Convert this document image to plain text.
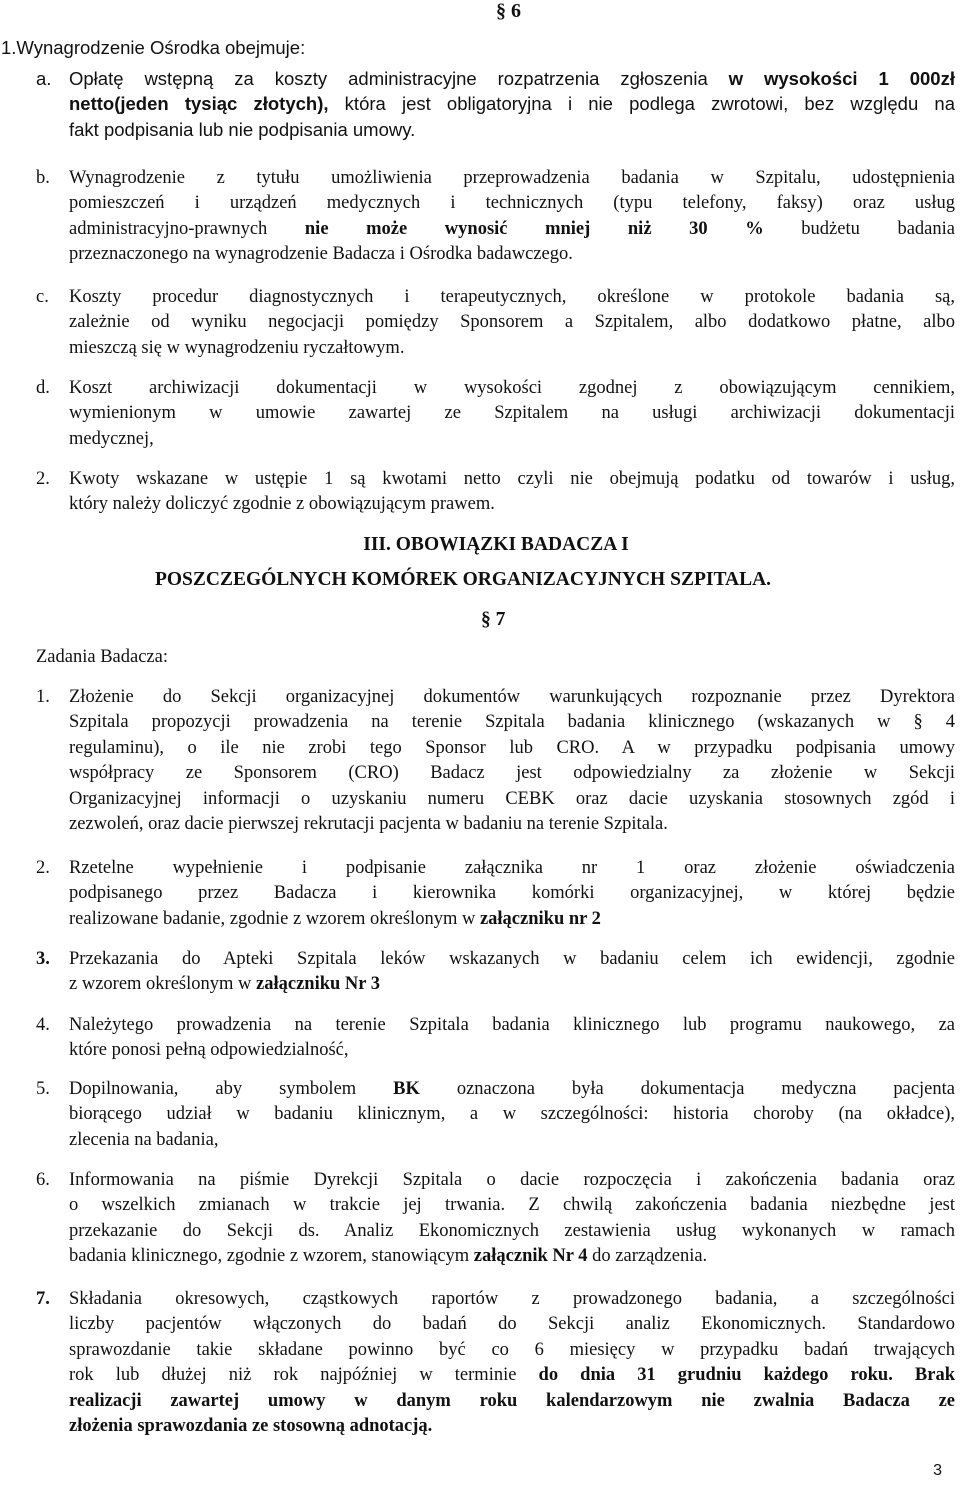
1.Wynagrodzenie Ośrodka obejmuje:
§ 6
a. Opłatę wstępną za koszty administracyjne rozpatrzenia zgłoszenia w wysokości 1 000zł
netto(jeden tysiąc złotych), która jest obligatoryjna i nie podlega zwrotowi, bez względu na
fakt podpisania lub nie podpisania umowy.
b. Wynagrodzenie z tytułu umożliwienia przeprowadzenia badania w Szpitalu, udostępnienia
pomieszczeń i urządzeń medycznych i technicznych (typu telefony, faksy) oraz usług
administracyjno-prawnych nie może wynosić mniej niż 30 % budżetu badania
przeznaczonego na wynagrodzenie Badacza i Ośrodka badawczego.
c. Koszty procedur diagnostycznych i terapeutycznych, określone w protokole badania są,
zależnie od wyniku negocjacji pomiędzy Sponsorem a Szpitalem, albo dodatkowo płatne, albo
mieszczą się w wynagrodzeniu ryczałtowym.
d. Koszt archiwizacji dokumentacji w wysokości zgodnej z obowiązującym cennikiem,
wymienionym w umowie zawartej ze Szpitalem na usługi archiwizacji dokumentacji
medycznej,
2. Kwoty wskazane w ustępie 1 są kwotami netto czyli nie obejmują podatku od towarów i usług,
który należy doliczyć zgodnie z obowiązującym prawem.
III. OBOWIĄZKI BADACZA I
POSZCZEGÓLNYCH KOMÓREK ORGANIZACYJNYCH SZPITALA.
§ 7
Zadania Badacza:
1. Złożenie do Sekcji organizacyjnej dokumentów warunkujących rozpoznanie przez Dyrektora
Szpitala propozycji prowadzenia na terenie Szpitala badania klinicznego (wskazanych w § 4
regulaminu), o ile nie zrobi tego Sponsor lub CRO. A w przypadku podpisania umowy
współpracy ze Sponsorem (CRO) Badacz jest odpowiedzialny za złożenie w Sekcji
Organizacyjnej informacji o uzyskaniu numeru CEBK oraz dacie uzyskania stosownych zgód i
zezwoleń, oraz dacie pierwszej rekrutacji pacjenta w badaniu na terenie Szpitala.
2. Rzetelne wypełnienie i podpisanie załącznika nr 1 oraz złożenie oświadczenia
podpisanego przez Badacza i kierownika komórki organizacyjnej, w której będzie
realizowane badanie, zgodnie z wzorem określonym w załączniku nr 2
3. Przekazania do Apteki Szpitala leków wskazanych w badaniu celem ich ewidencji, zgodnie
z wzorem określonym w załączniku Nr 3
4. Należytego prowadzenia na terenie Szpitala badania klinicznego lub programu naukowego, za
które ponosi pełną odpowiedzialność,
5. Dopilnowania, aby symbolem BK oznaczona była dokumentacja medyczna pacjenta
biorącego udział w badaniu klinicznym, a w szczególności: historia choroby (na okładce),
zlecenia na badania,
6. Informowania na piśmie Dyrekcji Szpitala o dacie rozpoczęcia i zakończenia badania oraz
o wszelkich zmianach w trakcie jej trwania. Z chwilą zakończenia badania niezbędne jest
przekazanie do Sekcji ds. Analiz Ekonomicznych zestawienia usług wykonanych w ramach
badania klinicznego, zgodnie z wzorem, stanowiącym załącznik Nr 4 do zarządzenia.
7. Składania okresowych, cząstkowych raportów z prowadzonego badania, a szczególności
liczby pacjentów włączonych do badań do Sekcji analiz Ekonomicznych. Standardowo
sprawozdanie takie składane powinno być co 6 miesięcy w przypadku badań trwających
rok lub dłużej niż rok najpóźniej w terminie do dnia 31 grudniu każdego roku. Brak
realizacji zawartej umowy w danym roku kalendarzowym nie zwalnia Badacza ze
złożenia sprawozdania ze stosowną adnotacją.
3
